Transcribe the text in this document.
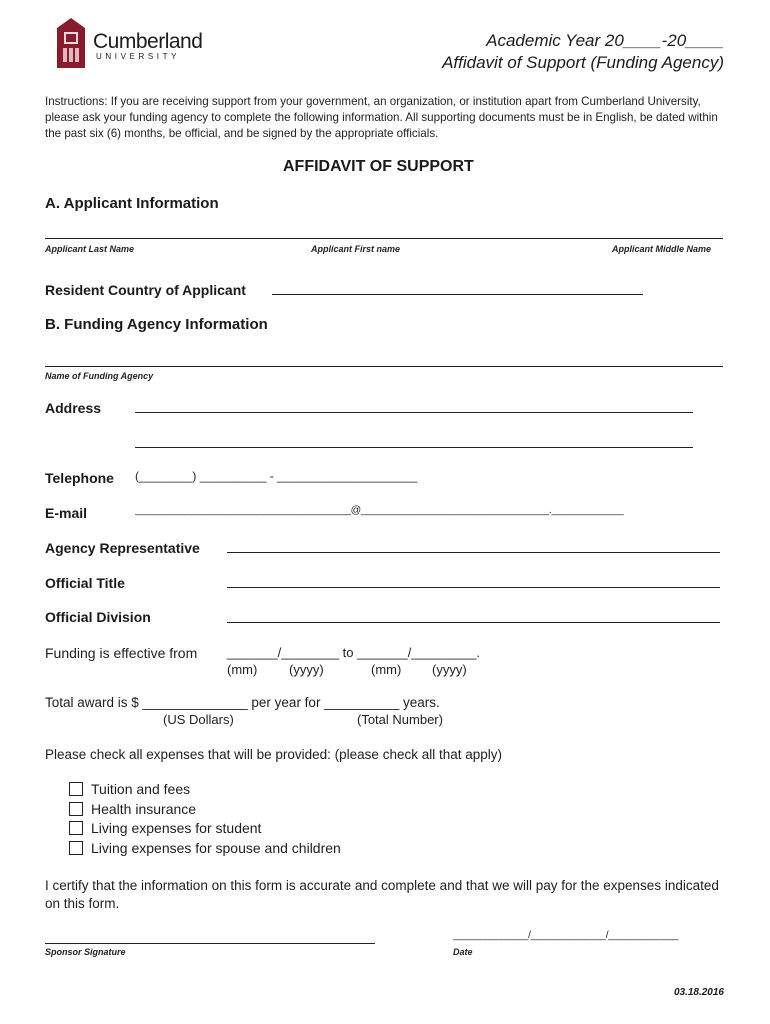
Cumberland
UNIVERSITY
Academic Year 20____-20____
Affidavit of Support (Funding Agency)
Instructions: If you are receiving support from your government, an organization, or institution apart from Cumberland University, please ask your funding agency to complete the following information. All supporting documents must be in English, be dated within the past six (6) months, be official, and be signed by the appropriate officials.
AFFIDAVIT OF SUPPORT
A. Applicant Information
Applicant Last Name	Applicant First name	Applicant Middle Name
Resident Country of Applicant
B. Funding Agency Information
Name of Funding Agency
Address
Telephone (________) __________ - _____________________
E-mail	_______________________________________@__________________________________._____________
Agency Representative
Official Title
Official Division
Funding is effective from _______/________ to _______/_________.
(mm) (yyyy)	(mm) (yyyy)
Total award is $ ______________ per year for __________ years.
(US Dollars)	(Total Number)
Please check all expenses that will be provided: (please check all that apply)
Tuition and fees
Health insurance
Living expenses for student
Living expenses for spouse and children
I certify that the information on this form is accurate and complete and that we will pay for the expenses indicated on this form.
Sponsor Signature
______________/______________/_____________
Date
03.18.2016
